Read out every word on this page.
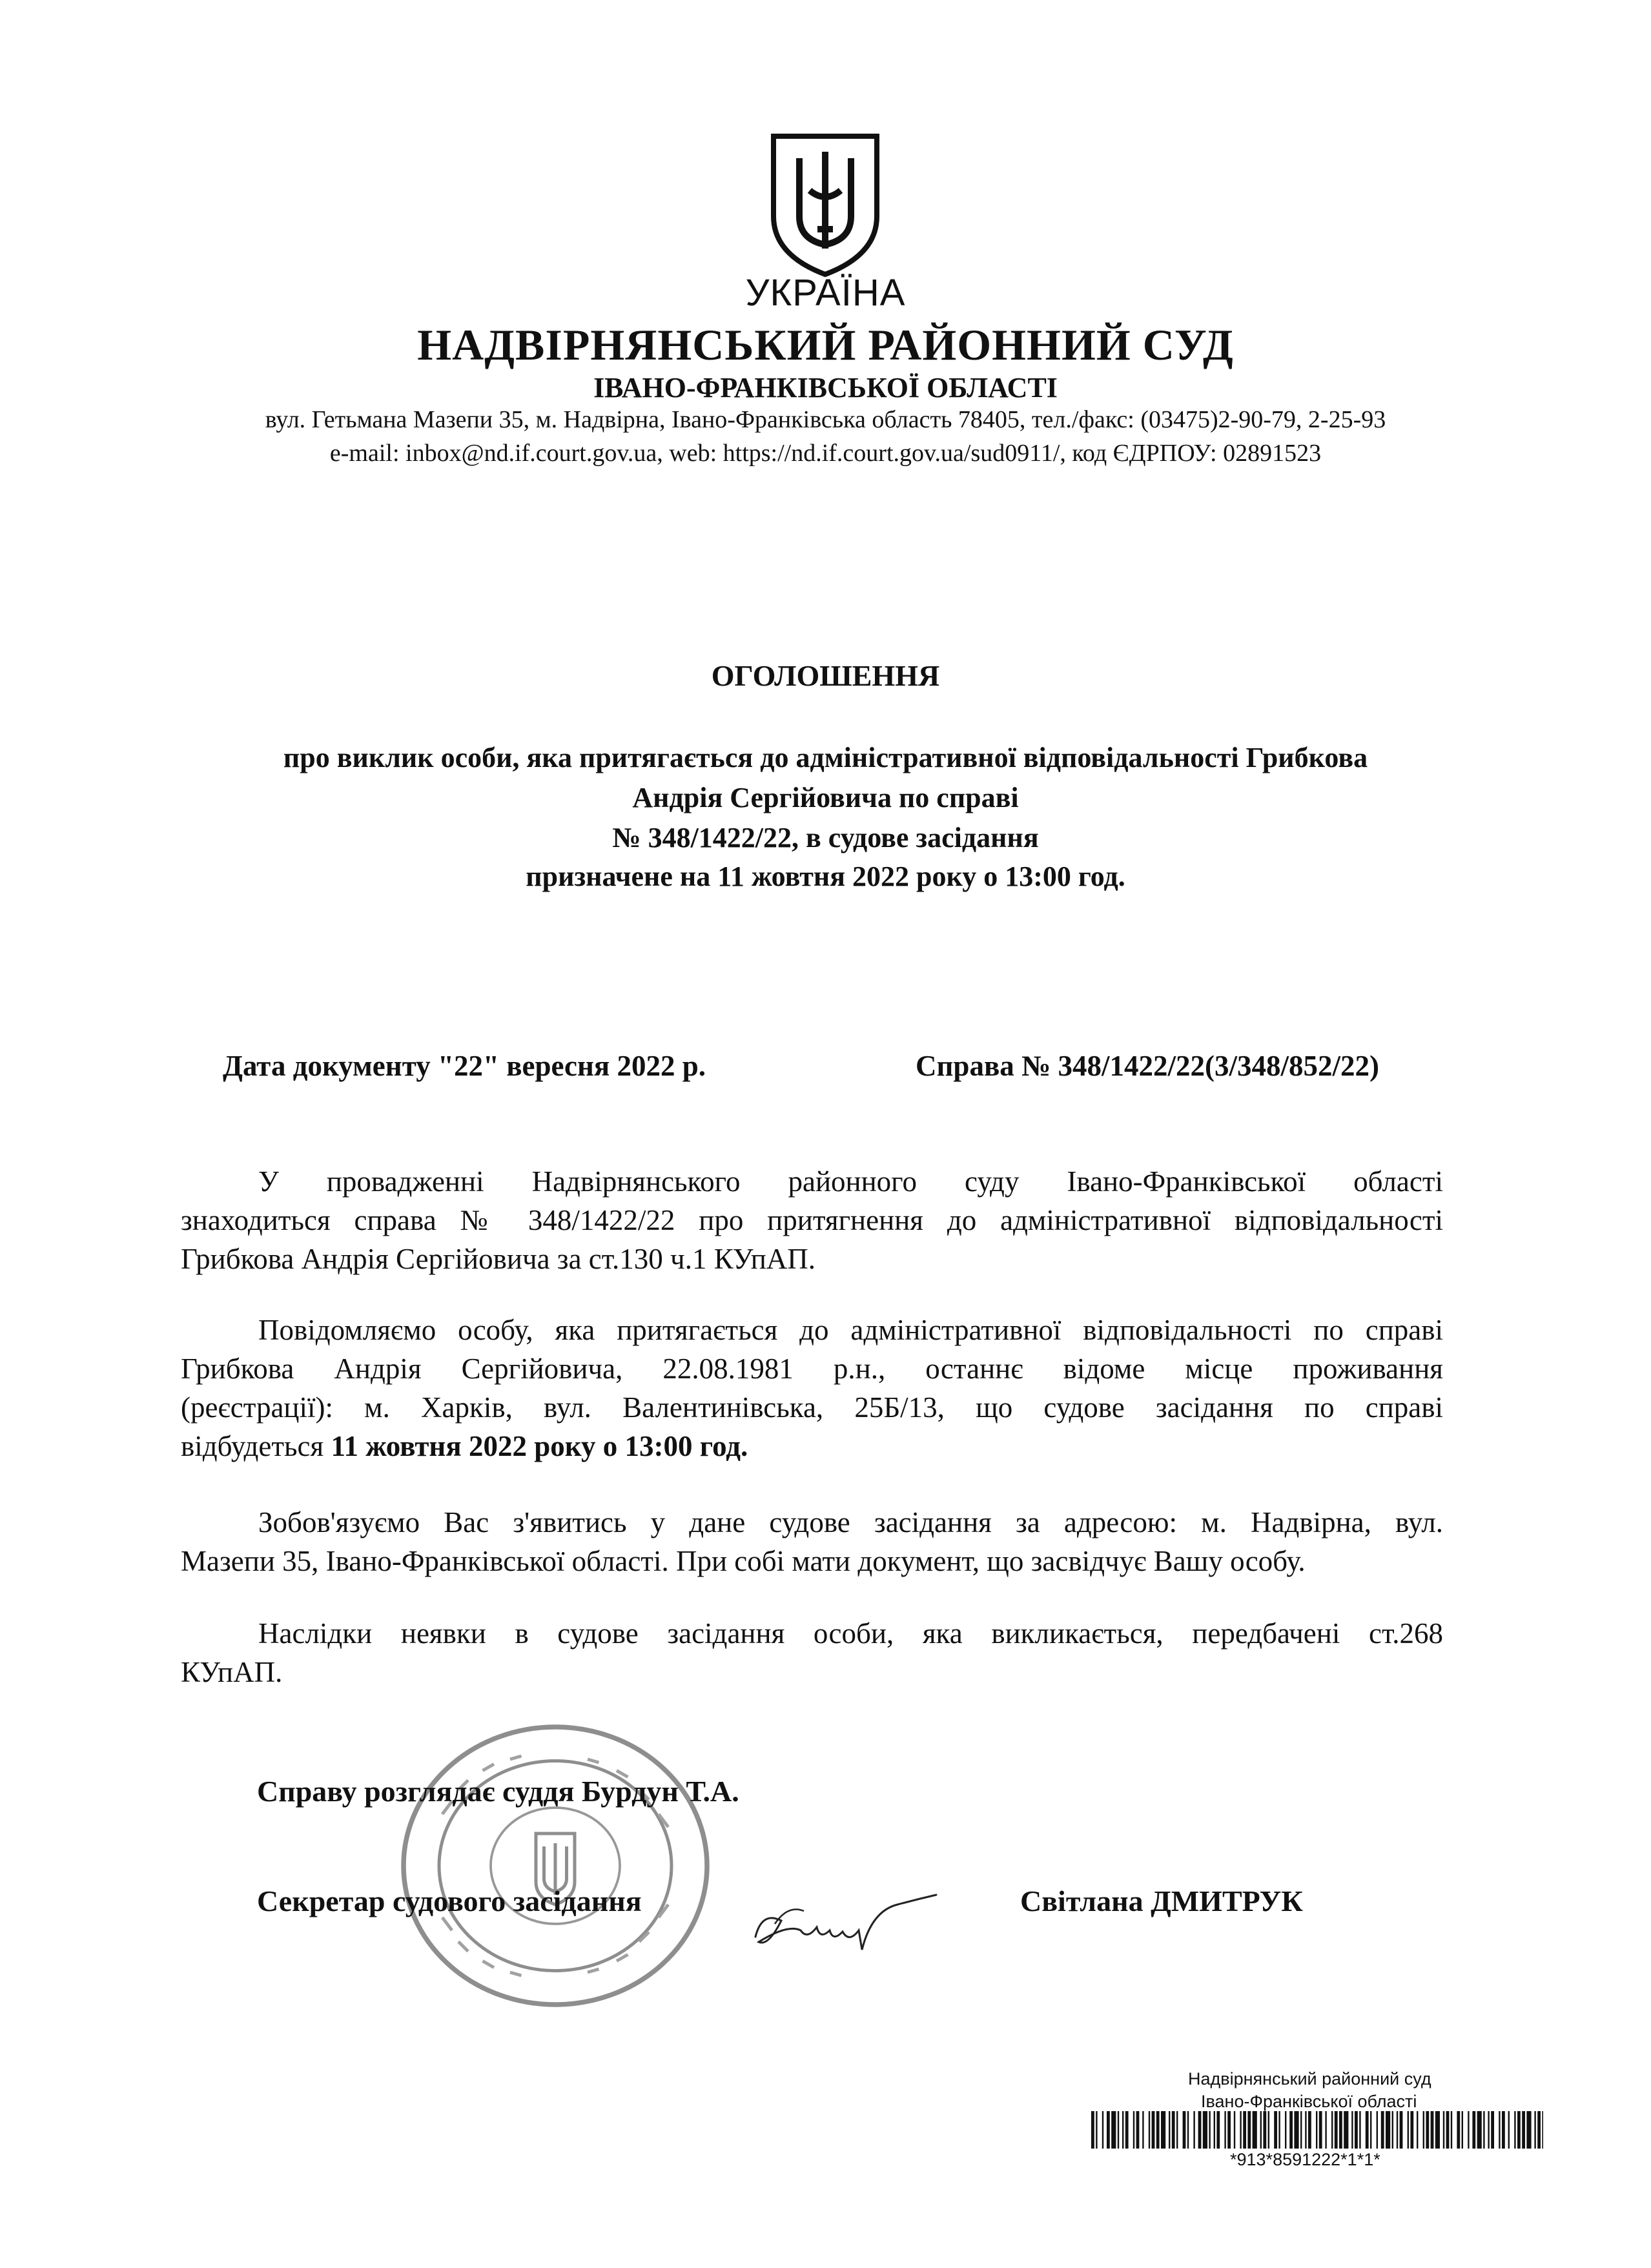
УКРАЇНА
НАДВІРНЯНСЬКИЙ РАЙОННИЙ СУД
ІВАНО-ФРАНКІВСЬКОЇ ОБЛАСТІ
вул. Гетьмана Мазепи 35, м. Надвірна, Івано-Франківська область 78405, тел./факс: (03475)2-90-79, 2-25-93
e-mail: inbox@nd.if.court.gov.ua, web: https://nd.if.court.gov.ua/sud0911/, код ЄДРПОУ: 02891523
ОГОЛОШЕННЯ
про виклик особи, яка притягається до адміністративної відповідальності Грибкова
Андрія Сергійовича по справі
№ 348/1422/22, в судове засідання
призначене на 11 жовтня 2022 року о 13:00 год.
Дата документу "22" вересня 2022 р.	Справа № 348/1422/22(3/348/852/22)
У провадженні Надвірнянського районного суду Івано-Франківської області
знаходиться справа № 348/1422/22 про притягнення до адміністративної відповідальності
Грибкова Андрія Сергійовича за ст.130 ч.1 КУпАП.
Повідомляємо особу, яка притягається до адміністративної відповідальності по справі
Грибкова Андрія Сергійовича, 22.08.1981 р.н., останнє відоме місце проживання
(реєстрації): м. Харків, вул. Валентинівська, 25Б/13, що судове засідання по справі
відбудеться 11 жовтня 2022 року о 13:00 год.
Зобов'язуємо Вас з'явитись у дане судове засідання за адресою: м. Надвірна, вул.
Мазепи 35, Івано-Франківської області. При собі мати документ, що засвідчує Вашу особу.
Наслідки неявки в судове засідання особи, яка викликається, передбачені ст.268
КУпАП.
Справу розглядає суддя Бурдун Т.А.
Секретар судового засідання	Світлана ДМИТРУК
Надвірнянський районний суд
Івано-Франківської області
*913*8591222*1*1*
